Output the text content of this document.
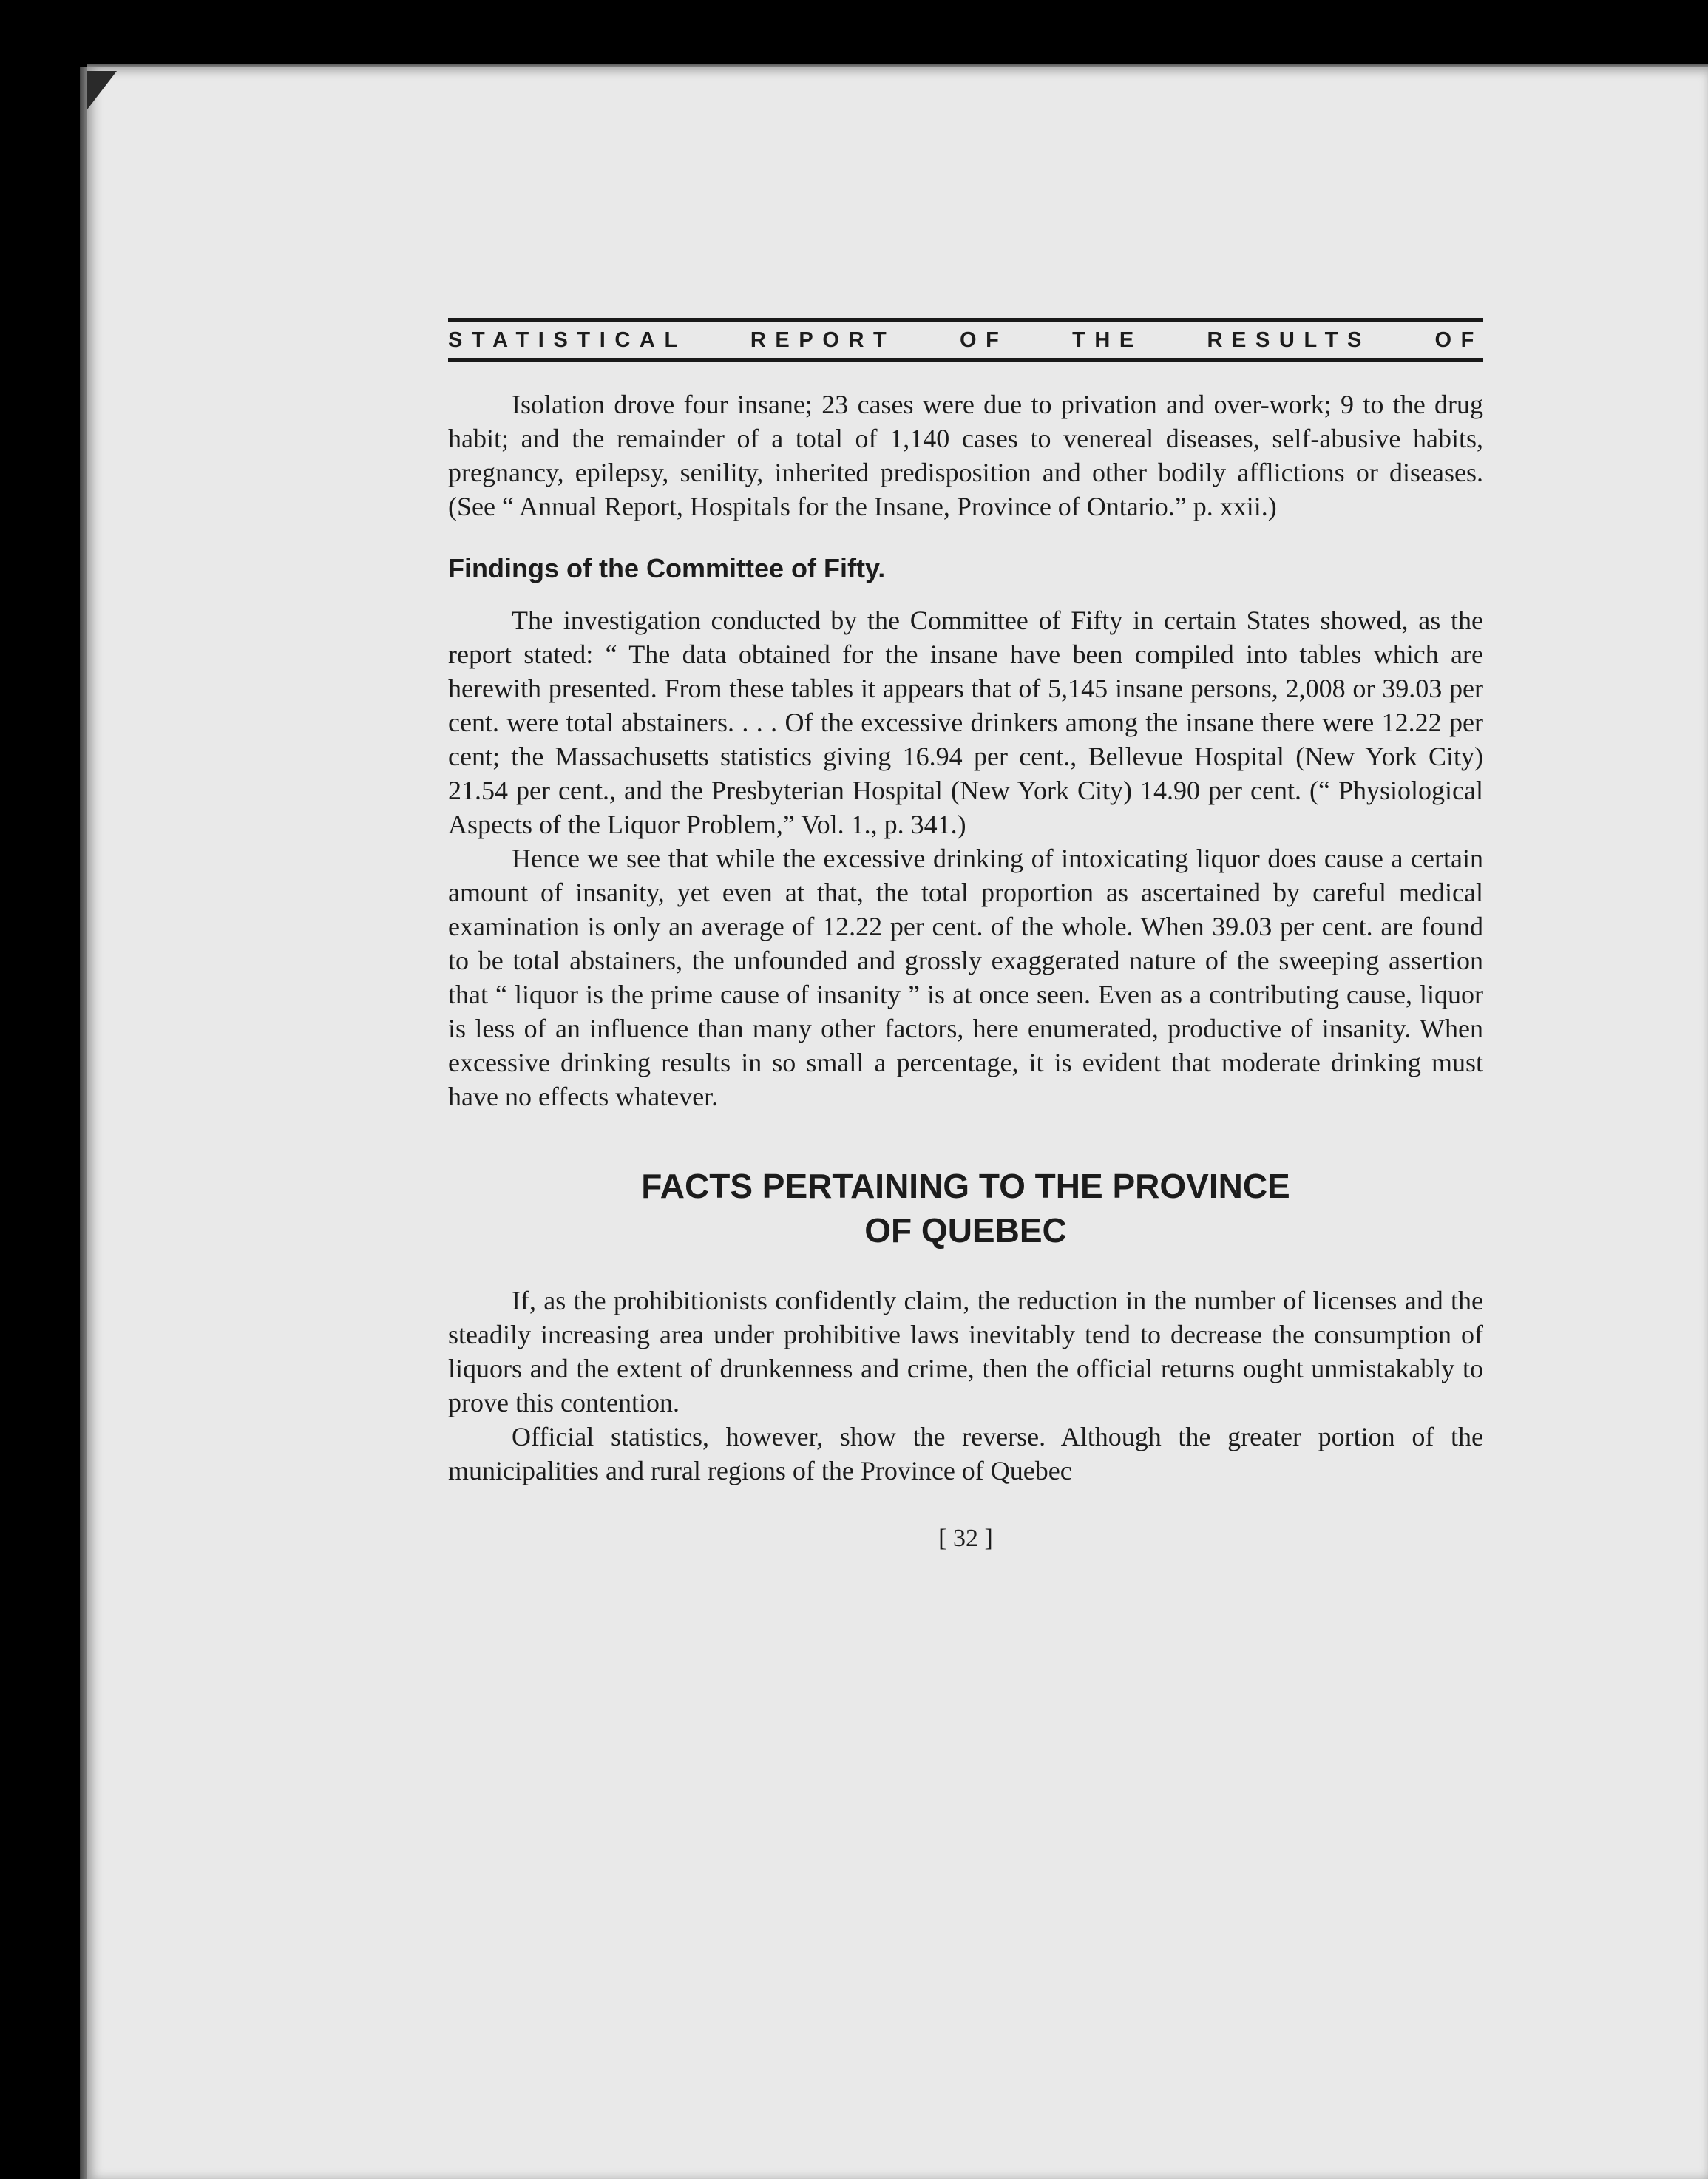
STATISTICAL REPORT OF THE RESULTS OF

Isolation drove four insane; 23 cases were due to privation and over-work; 9 to the drug habit; and the remainder of a total of 1,140 cases to venereal diseases, self-abusive habits, pregnancy, epilepsy, senility, inherited predisposition and other bodily afflictions or diseases. (See “ Annual Report, Hospitals for the Insane, Province of Ontario.” p. xxii.)

Findings of the Committee of Fifty.

The investigation conducted by the Committee of Fifty in certain States showed, as the report stated: “ The data obtained for the insane have been compiled into tables which are herewith presented. From these tables it appears that of 5,145 insane persons, 2,008 or 39.03 per cent. were total abstainers. . . . Of the excessive drinkers among the insane there were 12.22 per cent; the Massachusetts statistics giving 16.94 per cent., Bellevue Hospital (New York City) 21.54 per cent., and the Presbyterian Hospital (New York City) 14.90 per cent. (“ Physiological Aspects of the Liquor Problem,” Vol. 1., p. 341.)

Hence we see that while the excessive drinking of intoxicating liquor does cause a certain amount of insanity, yet even at that, the total proportion as ascertained by careful medical examination is only an average of 12.22 per cent. of the whole. When 39.03 per cent. are found to be total abstainers, the unfounded and grossly exaggerated nature of the sweeping assertion that “ liquor is the prime cause of insanity ” is at once seen. Even as a contributing cause, liquor is less of an influence than many other factors, here enumerated, productive of insanity. When excessive drinking results in so small a percentage, it is evident that moderate drinking must have no effects whatever.

FACTS PERTAINING TO THE PROVINCE
OF QUEBEC

If, as the prohibitionists confidently claim, the reduction in the number of licenses and the steadily increasing area under prohibitive laws inevitably tend to decrease the consumption of liquors and the extent of drunkenness and crime, then the official returns ought unmistakably to prove this contention.

Official statistics, however, show the reverse. Although the greater portion of the municipalities and rural regions of the Province of Quebec

[ 32 ]
